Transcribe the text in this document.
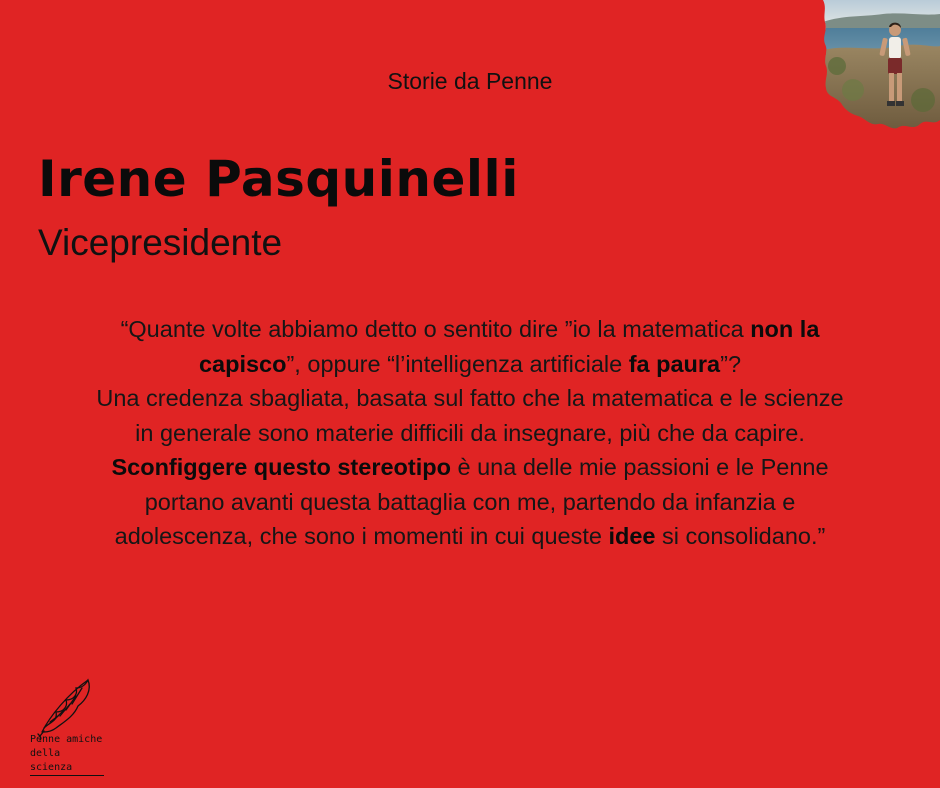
Storie da Penne
Irene Pasquinelli
Vicepresidente

“Quante volte abbiamo detto o sentito dire ”io la matematica non la capisco”, oppure “l’intelligenza artificiale fa paura”?
Una credenza sbagliata, basata sul fatto che la matematica e le scienze in generale sono materie difficili da insegnare, più che da capire.
Sconfiggere questo stereotipo è una delle mie passioni e le Penne portano avanti questa battaglia con me, partendo da infanzia e adolescenza, che sono i momenti in cui queste idee si consolidano.”

Penne amiche
della scienza
